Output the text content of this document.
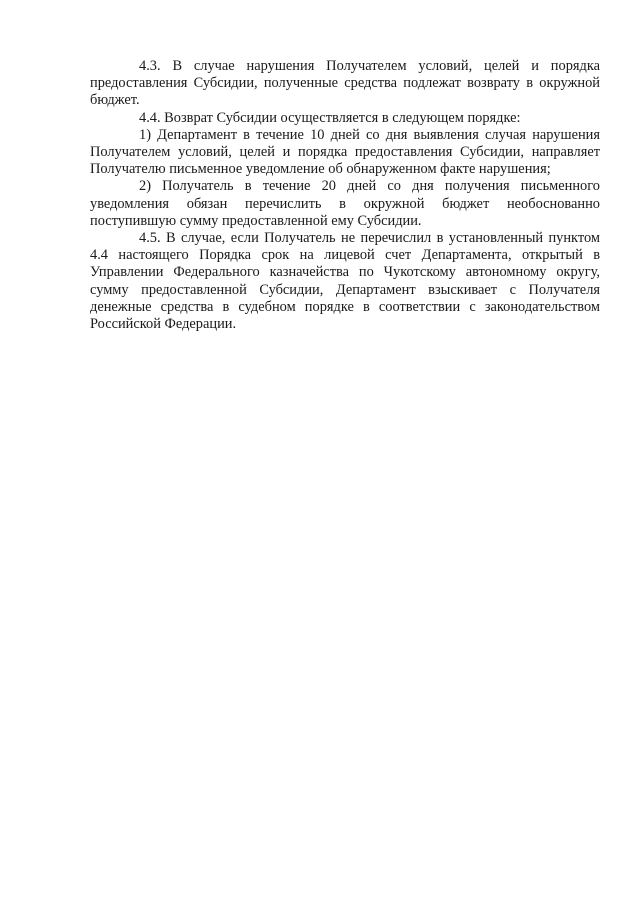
4.3. В случае нарушения Получателем условий, целей и порядка предоставления Субсидии, полученные средства подлежат возврату в окружной бюджет.

4.4. Возврат Субсидии осуществляется в следующем порядке:

1) Департамент в течение 10 дней со дня выявления случая нарушения Получателем условий, целей и порядка предоставления Субсидии, направляет Получателю письменное уведомление об обнаруженном факте нарушения;

2) Получатель в течение 20 дней со дня получения письменного уведомления обязан перечислить в окружной бюджет необоснованно поступившую сумму предоставленной ему Субсидии.

4.5. В случае, если Получатель не перечислил в установленный пунктом 4.4 настоящего Порядка срок на лицевой счет Департамента, открытый в Управлении Федерального казначейства по Чукотскому автономному округу, сумму предоставленной Субсидии, Департамент взыскивает с Получателя денежные средства в судебном порядке в соответствии с законодательством Российской Федерации.
